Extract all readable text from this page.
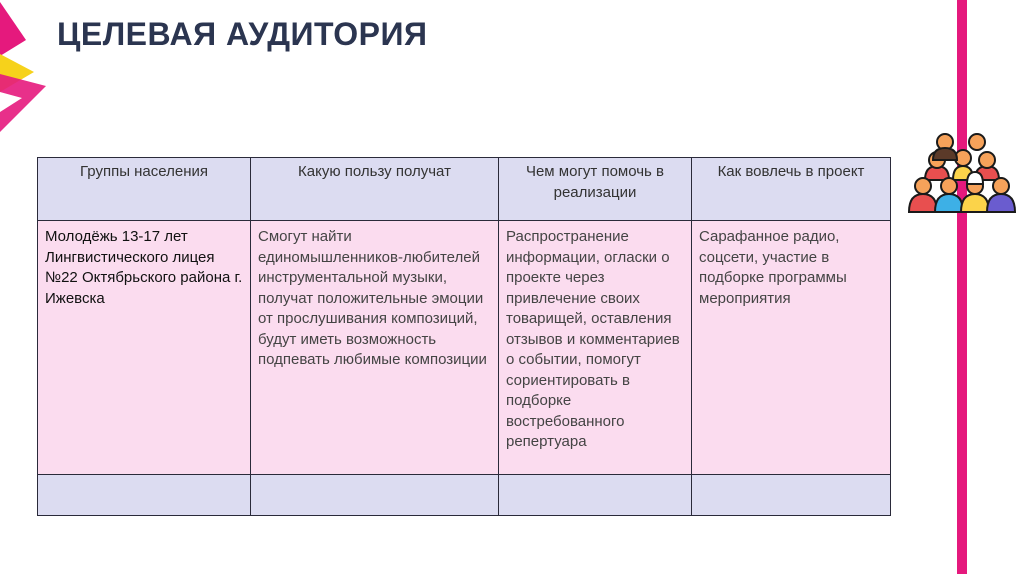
ЦЕЛЕВАЯ АУДИТОРИЯ
Группы населения	Какую пользу получат	Чем могут помочь в реализации	Как вовлечь в проект
Молодёжь 13-17 лет Лингвистического лицея №22 Октябрьского района г. Ижевска	Смогут найти единомышленников-любителей инструментальной музыки, получат положительные эмоции от прослушивания композиций, будут иметь возможность подпевать любимые композиции	Распространение информации, огласки о проекте через привлечение своих товарищей, оставления отзывов и комментариев о событии, помогут сориентировать в подборке востребованного репертуара	Сарафанное радио, соцсети, участие в подборке программы мероприятия
